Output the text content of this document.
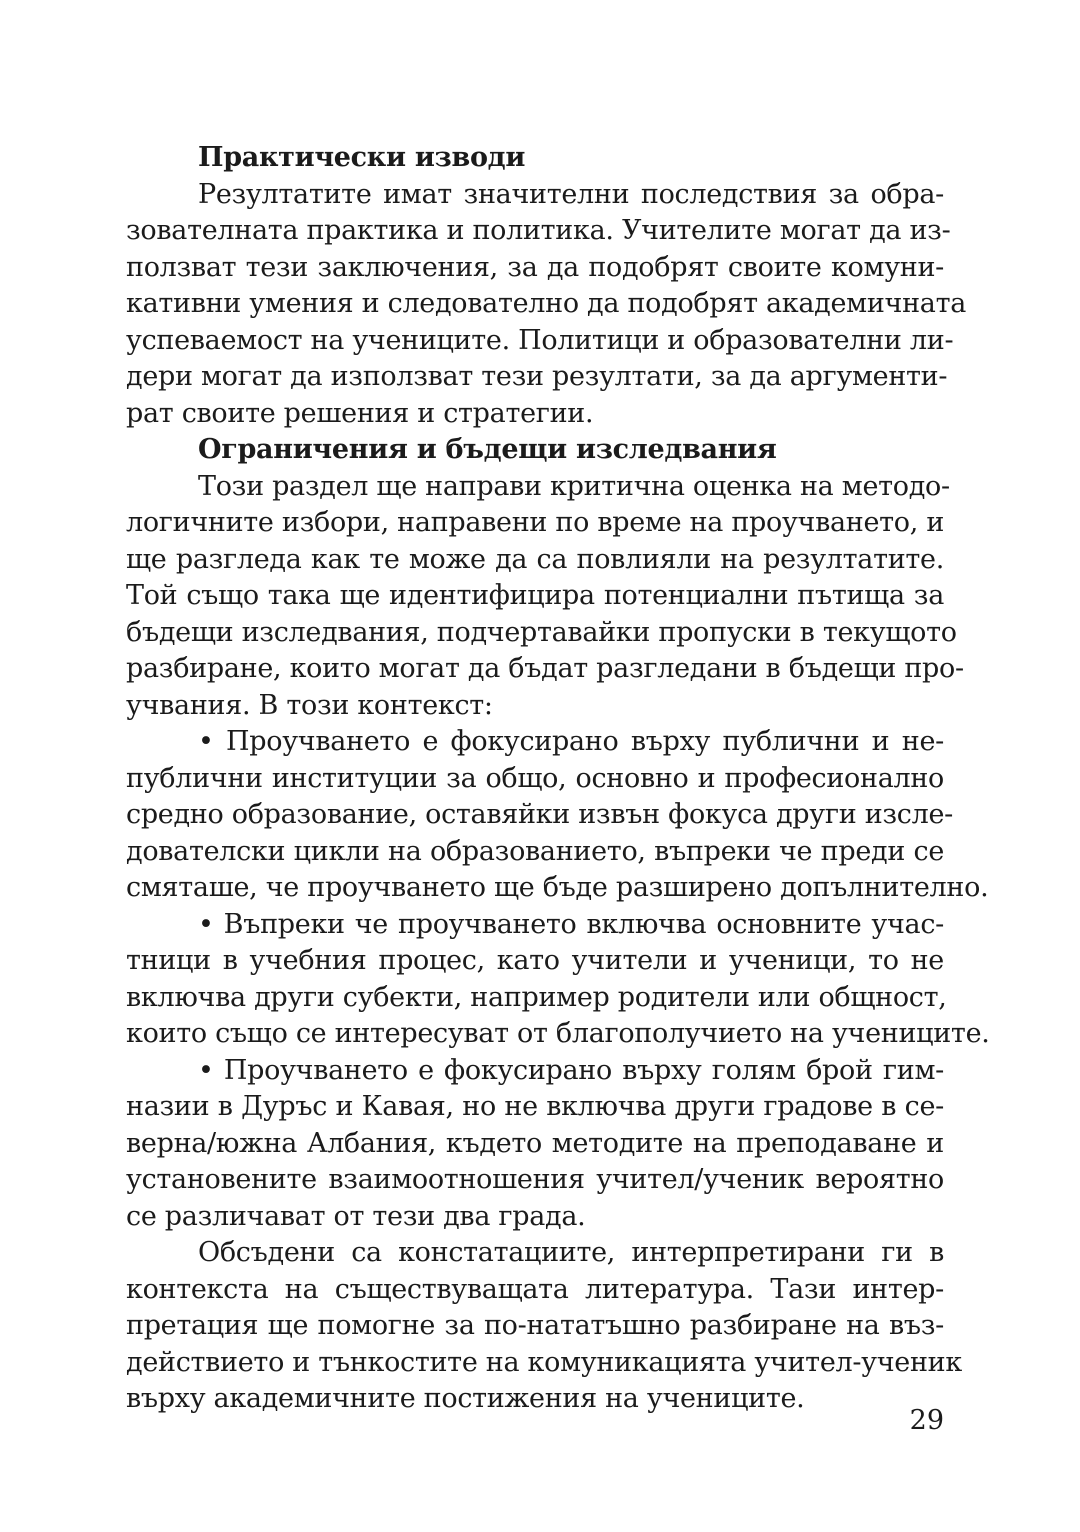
Практически изводи

Резултатите имат значителни последствия за обра-
зователната практика и политика. Учителите могат да из-
ползват тези заключения, за да подобрят своите комуни-
кативни умения и следователно да подобрят академичната
успеваемост на учениците. Политици и образователни ли-
дери могат да използват тези резултати, за да аргументи-
рат своите решения и стратегии.

Ограничения и бъдещи изследвания

Този раздел ще направи критична оценка на методо-
логичните избори, направени по време на проучването, и
ще разгледа как те може да са повлияли на резултатите.
Той също така ще идентифицира потенциални пътища за
бъдещи изследвания, подчертавайки пропуски в текущото
разбиране, които могат да бъдат разгледани в бъдещи про-
учвания. В този контекст:

• Проучването е фокусирано върху публични и не-
публични институции за общо, основно и професионално
средно образование, оставяйки извън фокуса други изсле-
дователски цикли на образованието, въпреки че преди се
смяташе, че проучването ще бъде разширено допълнително.

• Въпреки че проучването включва основните учас-
тници в учебния процес, като учители и ученици, то не
включва други субекти, например родители или общност,
които също се интересуват от благополучието на учениците.

• Проучването е фокусирано върху голям брой гим-
назии в Дуръс и Кавая, но не включва други градове в се-
верна/южна Албания, където методите на преподаване и
установените взаимоотношения учител/ученик вероятно
се различават от тези два града.

Обсъдени са констатациите, интерпретирани ги в
контекста на съществуващата литература. Тази интер-
претация ще помогне за по-нататъшно разбиране на въз-
действието и тънкостите на комуникацията учител-ученик
върху академичните постижения на учениците.

29
